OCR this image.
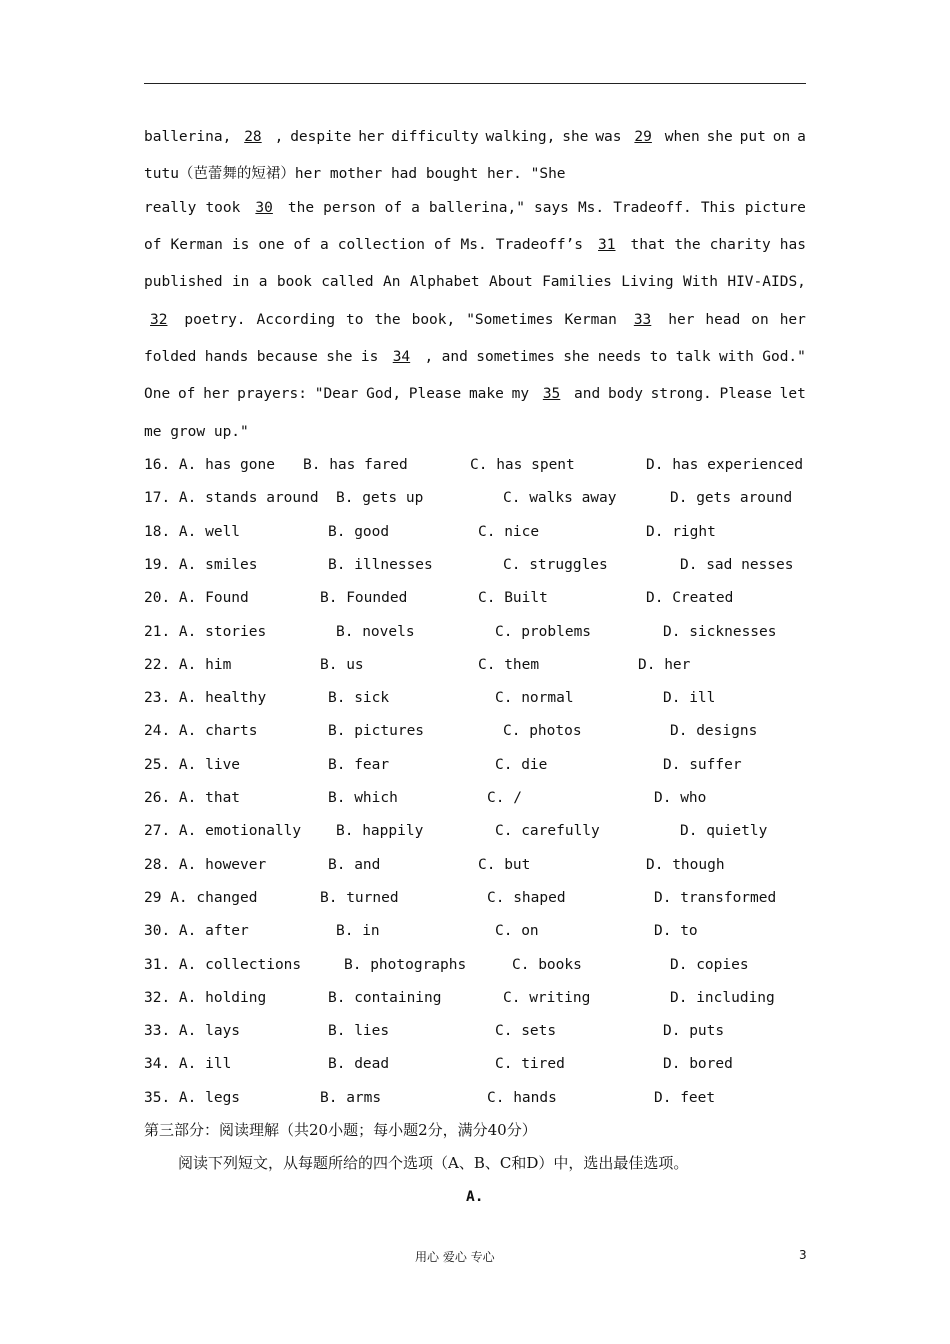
ballerina, 28 , despite her difficulty walking, she was 29 when she put on a
tutu（芭蕾舞的短裙）her mother had bought her. "She
really took	30	the person of a ballerina," says Ms. Tradeoff. This picture
of Kerman is one of a collection of Ms. Tradeoff’s	31	that the charity has
published in a book called An Alphabet About Families Living With HIV-AIDS,
32	poetry. According to the book, "Sometimes Kerman	33	her head on her
folded hands because she is 34 , and sometimes she needs to talk with God."
One of her prayers: "Dear God, Please make my 35 and body strong. Please let
me grow up."
16. A. has gone B. has fared	C. has spent	D. has experienced
17. A. stands around B. gets up	C. walks away	D. gets around
18. A. well	B. good	C. nice	D. right
19. A. smiles	B. illnesses	C. struggles	D. sad nesses
20. A. Found	B. Founded	C. Built	D. Created
21. A. stories	B. novels	C. problems	D. sicknesses
22. A. him	B. us	C. them	D. her
23. A. healthy	B. sick	C. normal	D. ill
24. A. charts	B. pictures	C. photos	D. designs
25. A. live	B. fear	C. die	D. suffer
26. A. that	B. which	C. /	D. who
27. A. emotionally B. happily	C. carefully	D. quietly
28. A. however	B. and	C. but	D. though
29 A. changed	B. turned	C. shaped	D. transformed
30. A. after	B. in	C. on	D. to
31. A. collections	B. photographs	C. books	D. copies
32. A. holding	B. containing	C. writing	D. including
33. A. lays	B. lies	C. sets	D. puts
34. A. ill	B. dead	C. tired	D. bored
35. A. legs	B. arms	C. hands	D. feet
第三部分：阅读理解（共20小题；每小题2分，满分40分）
阅读下列短文，从每题所给的四个选项（A、B、C和D）中，选出最佳选项。
A.
用心 爱心 专心	3
